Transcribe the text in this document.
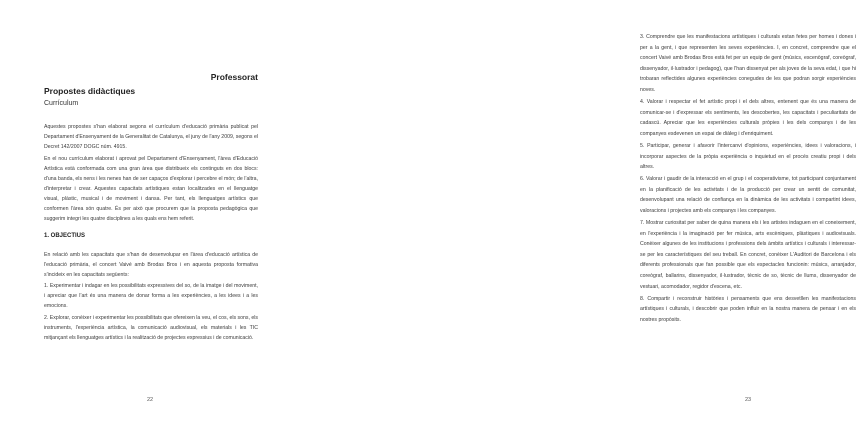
Professorat
Propostes didàctiques
Currículum

Aquestes propostes s'han elaborat segons el currículum d'educació primària publicat pel Departament d'Ensenyament de la Generalitat de Catalunya, el juny de l'any 2009, segons el Decret 142/2007 DOGC núm. 4915.

En el nou currículum elaborat i aprovat pel Departament d'Ensenyament, l'àrea d'Educació Artística està conformada com una gran àrea que distribueix els continguts en dos blocs: d'una banda, els nens i les nenes han de ser capaços d'explorar i percebre el món; de l'altra, d'interpretar i crear. Aquestes capacitats artístiques estan localitzades en el llenguatge visual, plàstic, musical i de moviment i dansa. Per tant, els llenguatges artístics que conformen l'àrea són quatre. És per això que procurem que la proposta pedagògica que suggerim integri les quatre disciplines a les quals ens hem referit.

1. OBJECTIUS

En relació amb les capacitats que s'han de desenvolupar en l'àrea d'educació artística de l'educació primària, el concert Vaivé amb Brodas Bros i en aquesta proposta formativa s'incideix en les capacitats següents:

1. Experimentar i indagar en les possibilitats expressives del so, de la imatge i del moviment, i apreciar que l'art és una manera de donar forma a les experiències, a les idees i a les emocions.

2. Explorar, conèixer i experimentar les possibilitats que ofereixen la veu, el cos, els sons, els instruments, l'experiència artística, la comunicació audiovisual, els materials i les TIC mitjançant els llenguatges artístics i la realització de projectes expressius i de comunicació.

22

3. Comprendre que les manifestacions artístiques i culturals estan fetes per homes i dones i per a la gent, i que representen les seves experiències. I, en concret, comprendre que el concert Vaivé amb Brodas Bros està fet per un equip de gent (músics, escenògraf, coreògraf, dissenyador, il·lustrador i pedagog), que l'han dissenyat per als joves de la seva edat, i que hi trobaran reflectides algunes experiències conegudes de les que podran sorgir experiències noves.

4. Valorar i respectar el fet artístic propi i el dels altres, entenent que és una manera de comunicar-se i d'expressar els sentiments, les descobertes, les capacitats i peculiaritats de cadascú. Apreciar que les experiències culturals pròpies i les dels companys i de les companyes esdevenen un espai de diàleg i d'enriquiment.

5. Participar, generar i afavorir l'intercanvi d'opinions, experiències, idees i valoracions, i incorporar aspectes de la pròpia experiència o inquietud en el procés creatiu propi i dels altres.

6. Valorar i gaudir de la interacció en el grup i el cooperativisme, tot participant conjuntament en la planificació de les activitats i de la producció per crear un sentit de comunitat, desenvolupant una relació de confiança en la dinàmica de les activitats i compartint idees, valoracions i projectes amb els companys i les companyes.

7. Mostrar curiositat per saber de quina manera els i les artistes indaguen en el coneixement, en l'experiència i la imaginació per fer música, arts escèniques, plàstiques i audiovisuals. Conèixer algunes de les institucions i professions dels àmbits artístics i culturals i interessar-se per les característiques del seu treball. En concret, conèixer L'Auditori de Barcelona i els diferents professionals que fan possible que els espectacles funcionin: músics, arranjador, coreògraf, ballarins, dissenyador, il·lustrador, tècnic de so, tècnic de llums, dissenyador de vestuari, acomodador, regidor d'escena, etc.

8. Compartir i reconstruir històries i pensaments que ens desvetllen les manifestacions artístiques i culturals, i descobrir que poden influir en la nostra manera de pensar i en els nostres propòsits.

23
